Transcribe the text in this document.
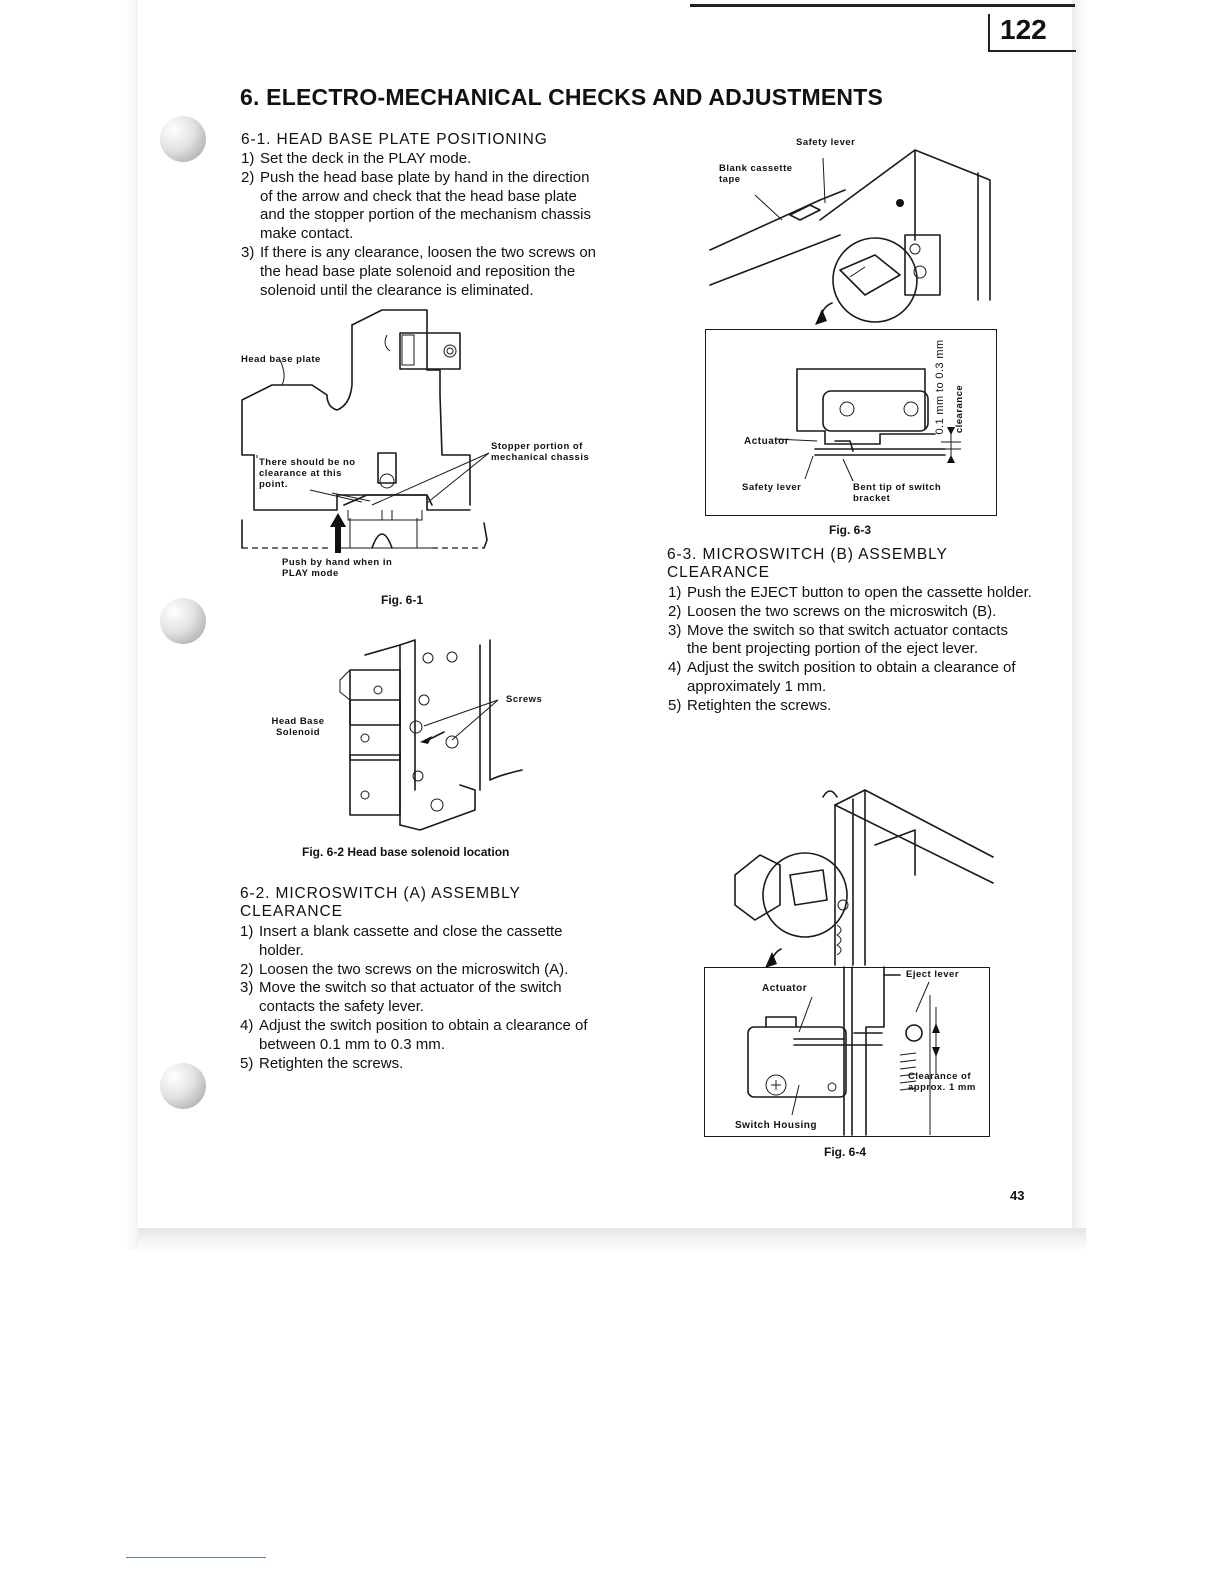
122
6. ELECTRO-MECHANICAL CHECKS AND ADJUSTMENTS
6-1. HEAD BASE PLATE POSITIONING
1) Set the deck in the PLAY mode.
2) Push the head base plate by hand in the direction of the arrow and check that the head base plate and the stopper portion of the mechanism chassis make contact.
3) If there is any clearance, loosen the two screws on the head base plate solenoid and reposition the solenoid until the clearance is eliminated.
Head base plate
There should be no clearance at this point.
Stopper portion of mechanical chassis
Push by hand when in PLAY mode
Fig. 6-1
Screws
Head Base Solenoid
Fig. 6-2 Head base solenoid location
6-2. MICROSWITCH (A) ASSEMBLY CLEARANCE
1) Insert a blank cassette and close the cassette holder.
2) Loosen the two screws on the microswitch (A).
3) Move the switch so that actuator of the switch contacts the safety lever.
4) Adjust the switch position to obtain a clearance of between 0.1 mm to 0.3 mm.
5) Retighten the screws.
Safety lever
Blank cassette tape
Actuator
Safety lever	Bent tip of switch bracket
0.1 mm to 0.3 mm clearance
Fig. 6-3
6-3. MICROSWITCH (B) ASSEMBLY CLEARANCE
1) Push the EJECT button to open the cassette holder.
2) Loosen the two screws on the microswitch (B).
3) Move the switch so that switch actuator contacts the bent projecting portion of the eject lever.
4) Adjust the switch position to obtain a clearance of approximately 1 mm.
5) Retighten the screws.
Eject lever
Actuator
Clearance of approx. 1 mm
Switch Housing
Fig. 6-4
43
